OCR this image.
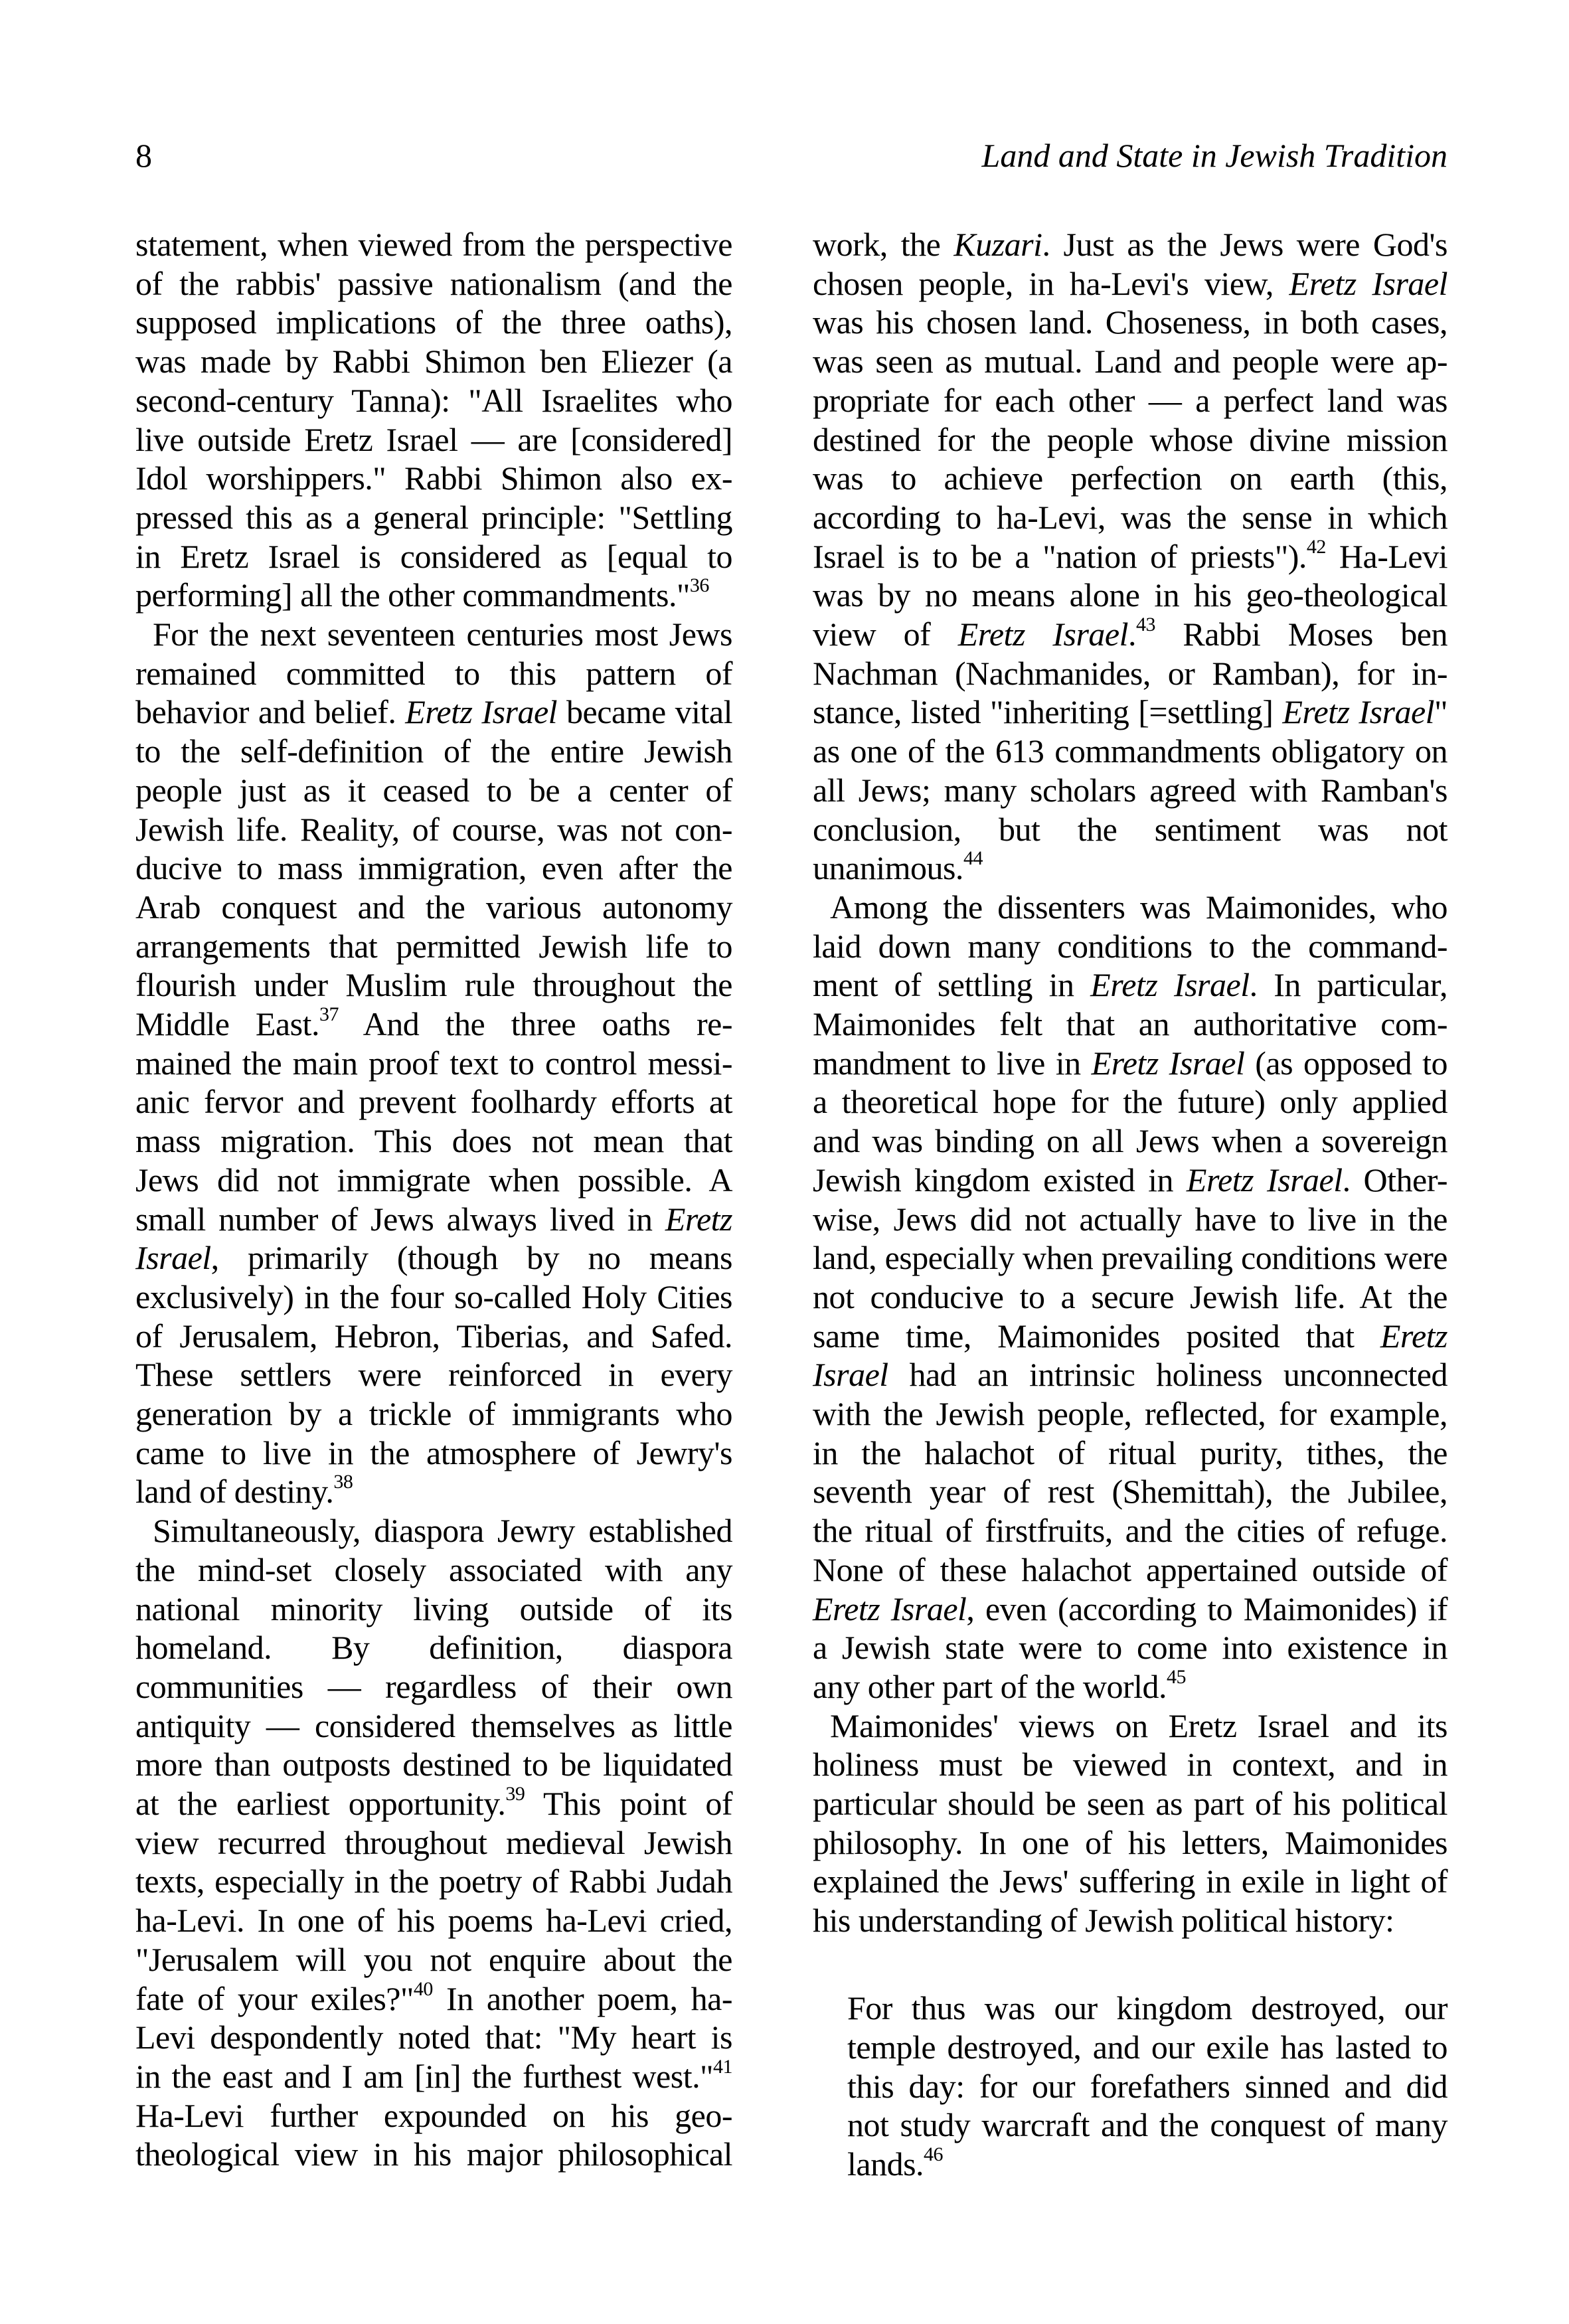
8	Land and State in Jewish Tradition
statement, when viewed from the perspective
of the rabbis' passive nationalism (and the
supposed implications of the three oaths),
was made by Rabbi Shimon ben Eliezer (a
second-century Tanna): "All Israelites who
live outside Eretz Israel — are [considered]
Idol worshippers." Rabbi Shimon also ex-
pressed this as a general principle: "Settling
in Eretz Israel is considered as [equal to
performing] all the other commandments."$^{36}$
For the next seventeen centuries most Jews
remained committed to this pattern of
behavior and belief. Eretz Israel became vital
to the self-definition of the entire Jewish
people just as it ceased to be a center of
Jewish life. Reality, of course, was not con-
ducive to mass immigration, even after the
Arab conquest and the various autonomy
arrangements that permitted Jewish life to
flourish under Muslim rule throughout the
Middle East.$^{37}$ And the three oaths re-
mained the main proof text to control messi-
anic fervor and prevent foolhardy efforts at
mass migration. This does not mean that
Jews did not immigrate when possible. A
small number of Jews always lived in Eretz
Israel, primarily (though by no means
exclusively) in the four so-called Holy Cities
of Jerusalem, Hebron, Tiberias, and Safed.
These settlers were reinforced in every
generation by a trickle of immigrants who
came to live in the atmosphere of Jewry's
land of destiny.$^{38}$
Simultaneously, diaspora Jewry established
the mind-set closely associated with any
national minority living outside of its
homeland. By definition, diaspora
communities — regardless of their own
antiquity — considered themselves as little
more than outposts destined to be liquidated
at the earliest opportunity.$^{39}$ This point of
view recurred throughout medieval Jewish
texts, especially in the poetry of Rabbi Judah
ha-Levi. In one of his poems ha-Levi cried,
"Jerusalem will you not enquire about the
fate of your exiles?"$^{40}$ In another poem, ha-
Levi despondently noted that: "My heart is
in the east and I am [in] the furthest west."$^{41}$
Ha-Levi further expounded on his geo-
theological view in his major philosophical
work, the Kuzari. Just as the Jews were God's
chosen people, in ha-Levi's view, Eretz Israel
was his chosen land. Choseness, in both cases,
was seen as mutual. Land and people were ap-
propriate for each other — a perfect land was
destined for the people whose divine mission
was to achieve perfection on earth (this,
according to ha-Levi, was the sense in which
Israel is to be a "nation of priests").$^{42}$ Ha-Levi
was by no means alone in his geo-theological
view of Eretz Israel.$^{43}$ Rabbi Moses ben
Nachman (Nachmanides, or Ramban), for in-
stance, listed "inheriting [=settling] Eretz Israel"
as one of the 613 commandments obligatory on
all Jews; many scholars agreed with Ramban's
conclusion, but the sentiment was not
unanimous.$^{44}$
Among the dissenters was Maimonides, who
laid down many conditions to the command-
ment of settling in Eretz Israel. In particular,
Maimonides felt that an authoritative com-
mandment to live in Eretz Israel (as opposed to
a theoretical hope for the future) only applied
and was binding on all Jews when a sovereign
Jewish kingdom existed in Eretz Israel. Other-
wise, Jews did not actually have to live in the
land, especially when prevailing conditions were
not conducive to a secure Jewish life. At the
same time, Maimonides posited that Eretz
Israel had an intrinsic holiness unconnected
with the Jewish people, reflected, for example,
in the halachot of ritual purity, tithes, the
seventh year of rest (Shemittah), the Jubilee,
the ritual of firstfruits, and the cities of refuge.
None of these halachot appertained outside of
Eretz Israel, even (according to Maimonides) if
a Jewish state were to come into existence in
any other part of the world.$^{45}$
Maimonides' views on Eretz Israel and its
holiness must be viewed in context, and in
particular should be seen as part of his political
philosophy. In one of his letters, Maimonides
explained the Jews' suffering in exile in light of
his understanding of Jewish political history:
For thus was our kingdom destroyed, our
temple destroyed, and our exile has lasted to
this day: for our forefathers sinned and did
not study warcraft and the conquest of many
lands.$^{46}$
